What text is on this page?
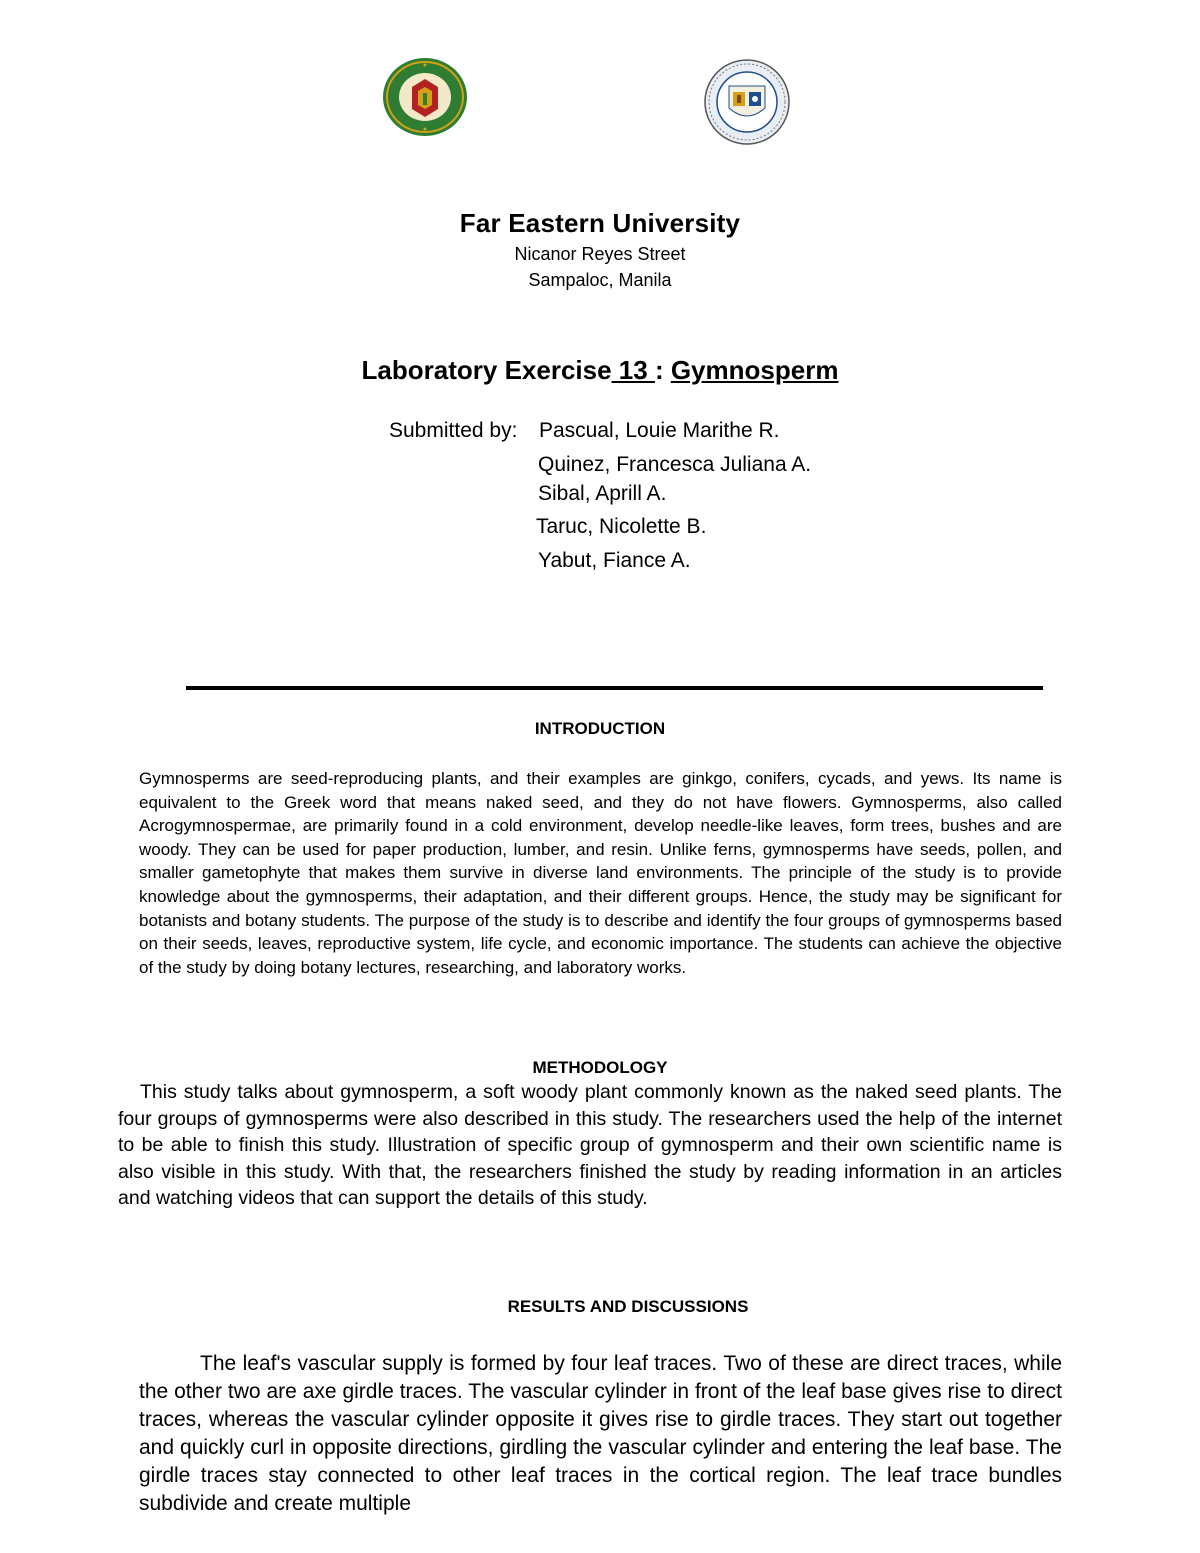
Far Eastern University
Nicanor Reyes Street
Sampaloc, Manila
Laboratory Exercise 13 : Gymnosperm
Submitted by: Pascual, Louie Marithe R.
Quinez, Francesca Juliana A.
Sibal, Aprill A.
Taruc, Nicolette B.
Yabut, Fiance A.
INTRODUCTION
Gymnosperms are seed-reproducing plants, and their examples are ginkgo, conifers, cycads, and yews. Its name is equivalent to the Greek word that means naked seed, and they do not have flowers. Gymnosperms, also called Acrogymnospermae, are primarily found in a cold environment, develop needle-like leaves, form trees, bushes and are woody. They can be used for paper production, lumber, and resin. Unlike ferns, gymnosperms have seeds, pollen, and smaller gametophyte that makes them survive in diverse land environments. The principle of the study is to provide knowledge about the gymnosperms, their adaptation, and their different groups. Hence, the study may be significant for botanists and botany students. The purpose of the study is to describe and identify the four groups of gymnosperms based on their seeds, leaves, reproductive system, life cycle, and economic importance. The students can achieve the objective of the study by doing botany lectures, researching, and laboratory works.
METHODOLOGY
This study talks about gymnosperm, a soft woody plant commonly known as the naked seed plants. The four groups of gymnosperms were also described in this study. The researchers used the help of the internet to be able to finish this study. Illustration of specific group of gymnosperm and their own scientific name is also visible in this study. With that, the researchers finished the study by reading information in an articles and watching videos that can support the details of this study.
RESULTS AND DISCUSSIONS
The leaf's vascular supply is formed by four leaf traces. Two of these are direct traces, while the other two are axe girdle traces. The vascular cylinder in front of the leaf base gives rise to direct traces, whereas the vascular cylinder opposite it gives rise to girdle traces. They start out together and quickly curl in opposite directions, girdling the vascular cylinder and entering the leaf base. The girdle traces stay connected to other leaf traces in the cortical region. The leaf trace bundles subdivide and create multiple
